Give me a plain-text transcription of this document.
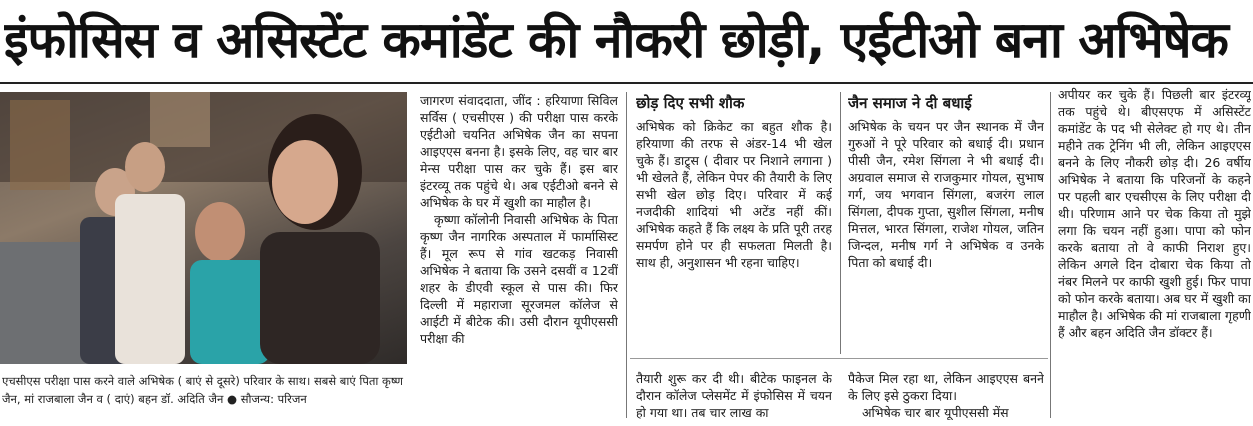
इंफोसिस व असिस्टेंट कमांडेंट की नौकरी छोड़ी, एईटीओ बना अभिषेक
एचसीएस परीक्षा पास करने वाले अभिषेक ( बाएं से दूसरे) परिवार के साथ। सबसे बाएं पिता कृष्ण जैन, मां राजबाला जैन व ( दाएं) बहन डॉ. अदिति जैन ● सौजन्य: परिजन

जागरण संवाददाता, जींद : हरियाणा सिविल सर्विस ( एचसीएस ) की परीक्षा पास करके एईटीओ चयनित अभिषेक जैन का सपना आइएएस बनना है। इसके लिए, वह चार बार मेन्स परीक्षा पास कर चुके हैं। इस बार इंटरव्यू तक पहुंचे थे। अब एईटीओ बनने से अभिषेक के घर में खुशी का माहौल है।

कृष्णा कॉलोनी निवासी अभिषेक के पिता कृष्ण जैन नागरिक अस्पताल में फार्मासिस्ट हैं। मूल रूप से गांव खटकड़ निवासी अभिषेक ने बताया कि उसने दसवीं व 12वीं शहर के डीएवी स्कूल से पास की। फिर दिल्ली में महाराजा सूरजमल कॉलेज से आईटी में बीटेक की। उसी दौरान यूपीएससी परीक्षा की

छोड़ दिए सभी शौक

अभिषेक को क्रिकेट का बहुत शौक है। हरियाणा की तरफ से अंडर-14 भी खेल चुके हैं। डाट्र्स ( दीवार पर निशाने लगाना ) भी खेलते हैं, लेकिन पेपर की तैयारी के लिए सभी खेल छोड़ दिए। परिवार में कई नजदीकी शादियां भी अटेंड नहीं कीं। अभिषेक कहते हैं कि लक्ष्य के प्रति पूरी तरह समर्पण होने पर ही सफलता मिलती है। साथ ही, अनुशासन भी रहना चाहिए।

जैन समाज ने दी बधाई

अभिषेक के चयन पर जैन स्थानक में जैन गुरुओं ने पूरे परिवार को बधाई दी। प्रधान पीसी जैन, रमेश सिंगला ने भी बधाई दी। अग्रवाल समाज से राजकुमार गोयल, सुभाष गर्ग, जय भगवान सिंगला, बजरंग लाल सिंगला, दीपक गुप्ता, सुशील सिंगला, मनीष मित्तल, भारत सिंगला, राजेश गोयल, जतिन जिन्दल, मनीष गर्ग ने अभिषेक व उनके पिता को बधाई दी।

तैयारी शुरू कर दी थी। बीटेक फाइनल के दौरान कॉलेज प्लेसमेंट में इंफोसिस में चयन हो गया था। तब चार लाख का

पैकेज मिल रहा था, लेकिन आइएएस बनने के लिए इसे ठुकरा दिया।

अभिषेक चार बार यूपीएससी मेंस

अपीयर कर चुके हैं। पिछली बार इंटरव्यू तक पहुंचे थे। बीएसएफ में असिस्टेंट कमांडेंट के पद भी सेलेक्ट हो गए थे। तीन महीने तक ट्रेनिंग भी ली, लेकिन आइएएस बनने के लिए नौकरी छोड़ दी। 26 वर्षीय अभिषेक ने बताया कि परिजनों के कहने पर पहली बार एचसीएस के लिए परीक्षा दी थी। परिणाम आने पर चेक किया तो मुझे लगा कि चयन नहीं हुआ। पापा को फोन करके बताया तो वे काफी निराश हुए। लेकिन अगले दिन दोबारा चेक किया तो नंबर मिलने पर काफी खुशी हुई। फिर पापा को फोन करके बताया। अब घर में खुशी का माहौल है। अभिषेक की मां राजबाला गृहणी हैं और बहन अदिति जैन डॉक्टर हैं।
